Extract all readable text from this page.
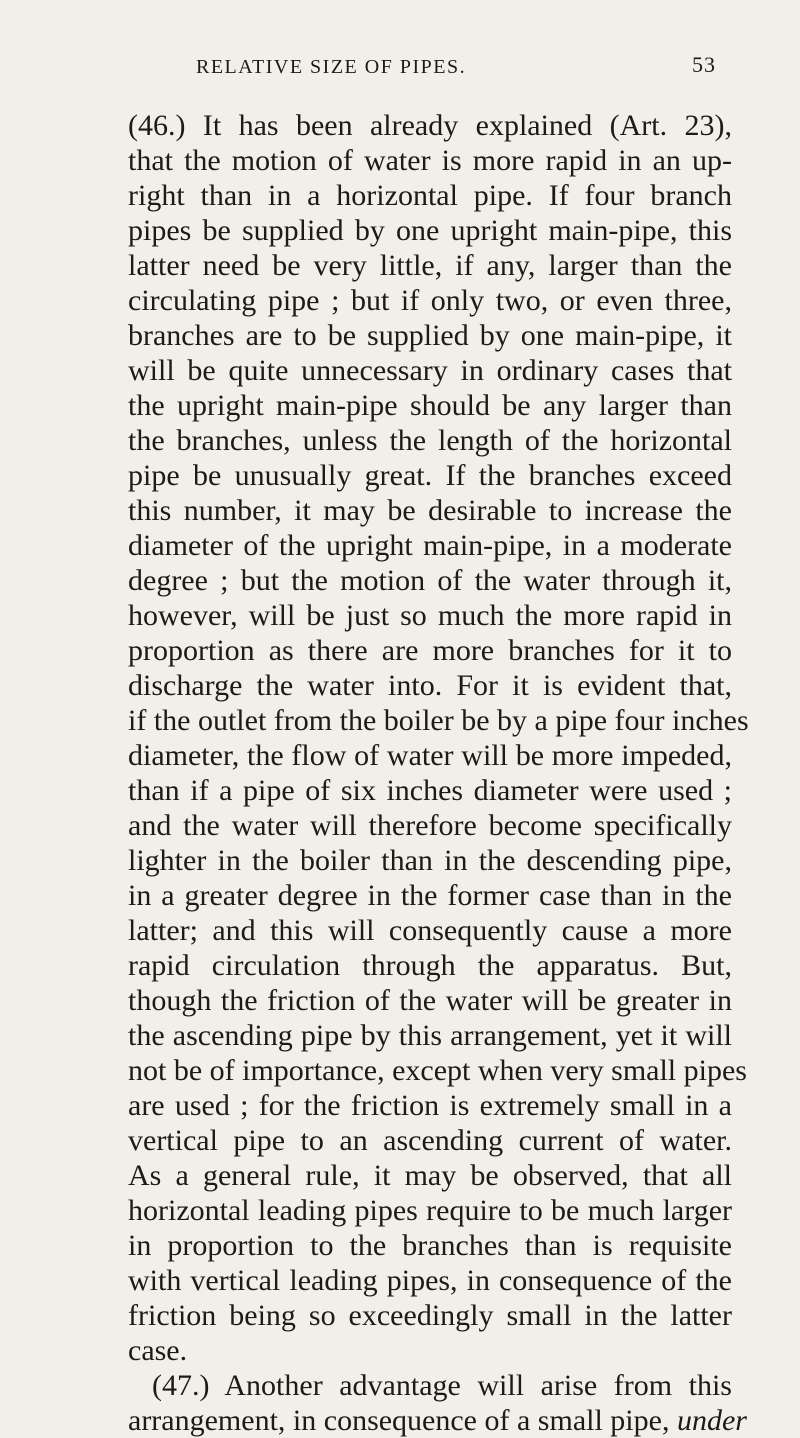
RELATIVE SIZE OF PIPES.	53
(46.) It has been already explained (Art. 23),
that the motion of water is more rapid in an up-
right than in a horizontal pipe. If four branch
pipes be supplied by one upright main-pipe, this
latter need be very little, if any, larger than the
circulating pipe ; but if only two, or even three,
branches are to be supplied by one main-pipe, it
will be quite unnecessary in ordinary cases that
the upright main-pipe should be any larger than
the branches, unless the length of the horizontal
pipe be unusually great. If the branches exceed
this number, it may be desirable to increase the
diameter of the upright main-pipe, in a moderate
degree ; but the motion of the water through it,
however, will be just so much the more rapid in
proportion as there are more branches for it to
discharge the water into. For it is evident that,
if the outlet from the boiler be by a pipe four inches
diameter, the flow of water will be more impeded,
than if a pipe of six inches diameter were used ;
and the water will therefore become specifically
lighter in the boiler than in the descending pipe,
in a greater degree in the former case than in the
latter; and this will consequently cause a more
rapid circulation through the apparatus. But,
though the friction of the water will be greater in
the ascending pipe by this arrangement, yet it will
not be of importance, except when very small pipes
are used ; for the friction is extremely small in a
vertical pipe to an ascending current of water.
As a general rule, it may be observed, that all
horizontal leading pipes require to be much larger
in proportion to the branches than is requisite
with vertical leading pipes, in consequence of the
friction being so exceedingly small in the latter
case.
(47.) Another advantage will arise from this
arrangement, in consequence of a small pipe, under
